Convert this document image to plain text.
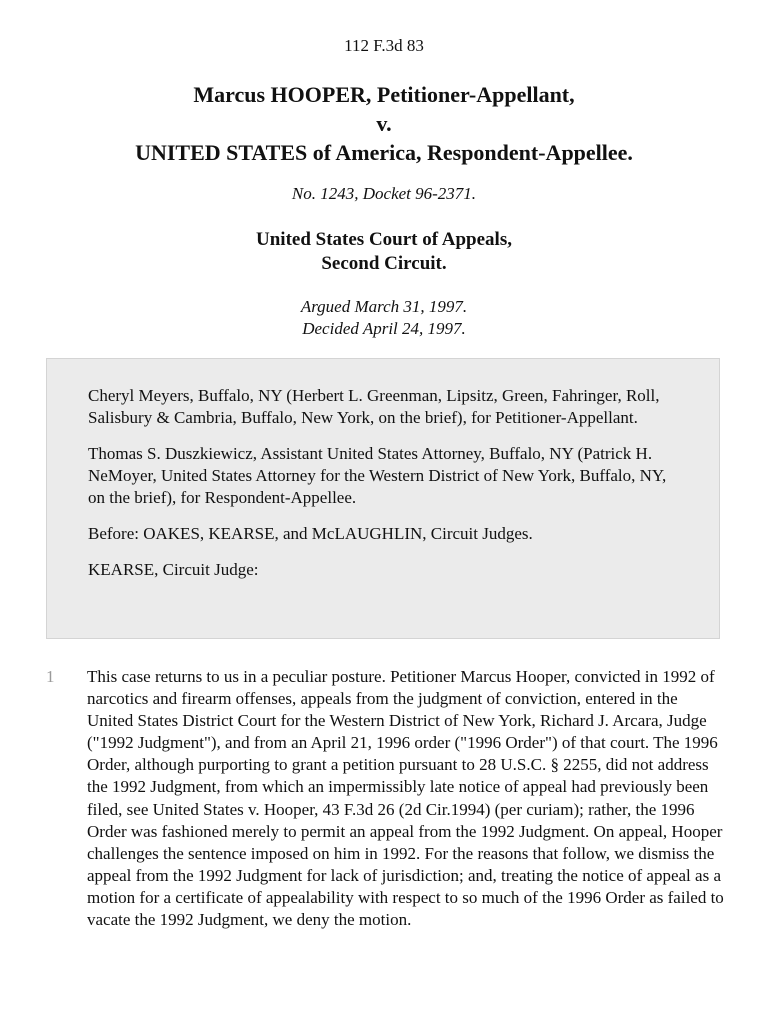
112 F.3d 83
Marcus HOOPER, Petitioner-Appellant,
v.
UNITED STATES of America, Respondent-Appellee.
No. 1243, Docket 96-2371.
United States Court of Appeals,
Second Circuit.
Argued March 31, 1997.
Decided April 24, 1997.

Cheryl Meyers, Buffalo, NY (Herbert L. Greenman, Lipsitz, Green, Fahringer, Roll, Salisbury & Cambria, Buffalo, New York, on the brief), for Petitioner-Appellant.

Thomas S. Duszkiewicz, Assistant United States Attorney, Buffalo, NY (Patrick H. NeMoyer, United States Attorney for the Western District of New York, Buffalo, NY, on the brief), for Respondent-Appellee.

Before: OAKES, KEARSE, and McLAUGHLIN, Circuit Judges.

KEARSE, Circuit Judge:

1 This case returns to us in a peculiar posture. Petitioner Marcus Hooper, convicted in 1992 of narcotics and firearm offenses, appeals from the judgment of conviction, entered in the United States District Court for the Western District of New York, Richard J. Arcara, Judge ("1992 Judgment"), and from an April 21, 1996 order ("1996 Order") of that court. The 1996 Order, although purporting to grant a petition pursuant to 28 U.S.C. § 2255, did not address the 1992 Judgment, from which an impermissibly late notice of appeal had previously been filed, see United States v. Hooper, 43 F.3d 26 (2d Cir.1994) (per curiam); rather, the 1996 Order was fashioned merely to permit an appeal from the 1992 Judgment. On appeal, Hooper challenges the sentence imposed on him in 1992. For the reasons that follow, we dismiss the appeal from the 1992 Judgment for lack of jurisdiction; and, treating the notice of appeal as a motion for a certificate of appealability with respect to so much of the 1996 Order as failed to vacate the 1992 Judgment, we deny the motion.
